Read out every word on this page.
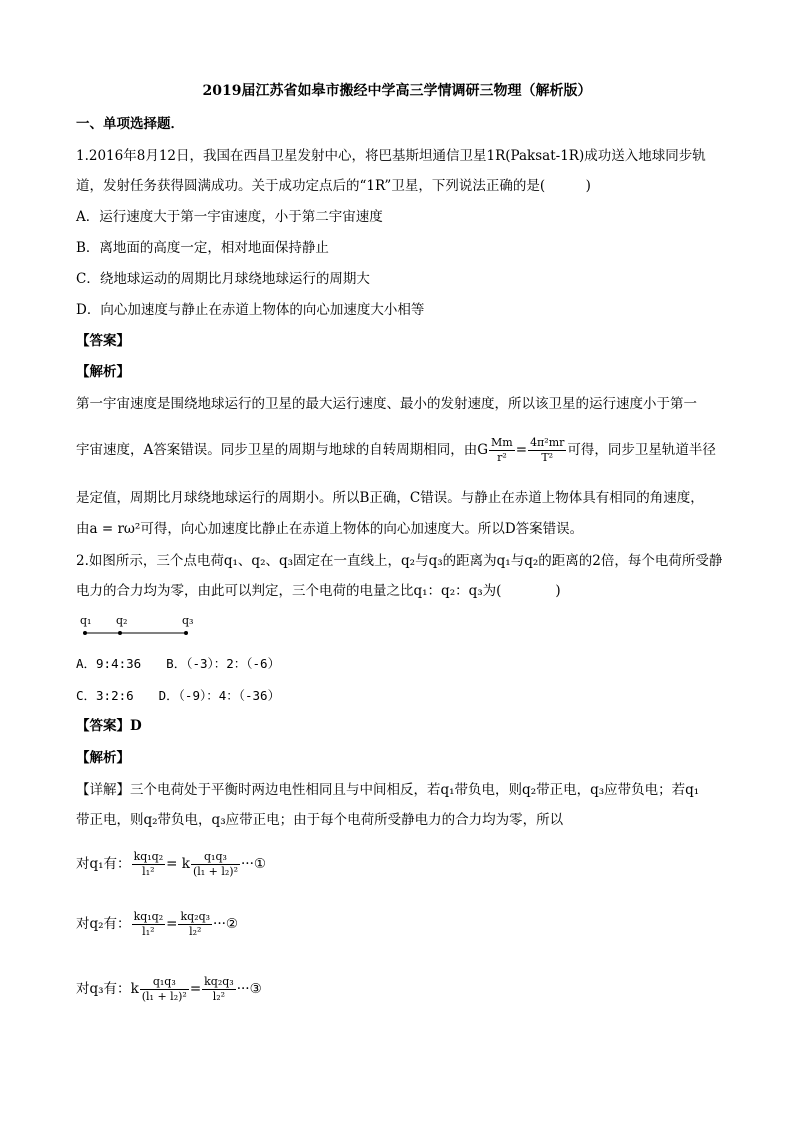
2019届江苏省如皋市搬经中学高三学情调研三物理（解析版）
一、单项选择题．
1.2016年8月12日，我国在西昌卫星发射中心，将巴基斯坦通信卫星1R(Paksat-1R)成功送入地球同步轨
道，发射任务获得圆满成功。关于成功定点后的“1R”卫星，下列说法正确的是(　　　)
A．运行速度大于第一宇宙速度，小于第二宇宙速度
B．离地面的高度一定，相对地面保持静止
C．绕地球运动的周期比月球绕地球运行的周期大
D．向心加速度与静止在赤道上物体的向心加速度大小相等
【答案】
【解析】
第一宇宙速度是围绕地球运行的卫星的最大运行速度、最小的发射速度，所以该卫星的运行速度小于第一
宇宙速度，A答案错误。同步卫星的周期与地球的自转周期相同，由G $\frac{Mm}{\text{r²}} = \frac{\text{4π²mr}}{\text{T²}}$ 可得，同步卫星轨道半径
是定值，周期比月球绕地球运行的周期小。所以B正确，C错误。与静止在赤道上物体具有相同的角速度，
由a = rω²可得，向心加速度比静止在赤道上物体的向心加速度大。所以D答案错误。
2.如图所示，三个点电荷q₁、q₂、q₃固定在一直线上，q₂与q₃的距离为q₁与q₂的距离的2倍，每个电荷所受静
电力的合力均为零，由此可以判定，三个电荷的电量之比q₁：q₂：q₃为(　　　　)
q₁ q₂	q₃
A．9:4:36　　B．（-3）：2：（-6）
C．3:2:6　　D．（-9）：4：（-36）
【答案】D
【解析】
【详解】三个电荷处于平衡时两边电性相同且与中间相反，若q₁带负电，则q₂带正电，q₃应带负电；若q₁
带正电，则q₂带负电，q₃应带正电；由于每个电荷所受静电力的合力均为零，所以
对q₁有： $\frac{\text{kq₁q₂}}{\text{l₁²}} = k \frac{\text{q₁q₃}}{\text{(l₁ + l₂)²}}$ ···①
对q₂有： $\frac{\text{kq₁q₂}}{\text{l₁²}} = \frac{\text{kq₂q₃}}{\text{l₂²}}$ ···②
对q₃有：k $\frac{\text{q₁q₃}}{\text{(l₁ + l₂)²}} = \frac{\text{kq₂q₃}}{\text{l₂²}}$ ···③
